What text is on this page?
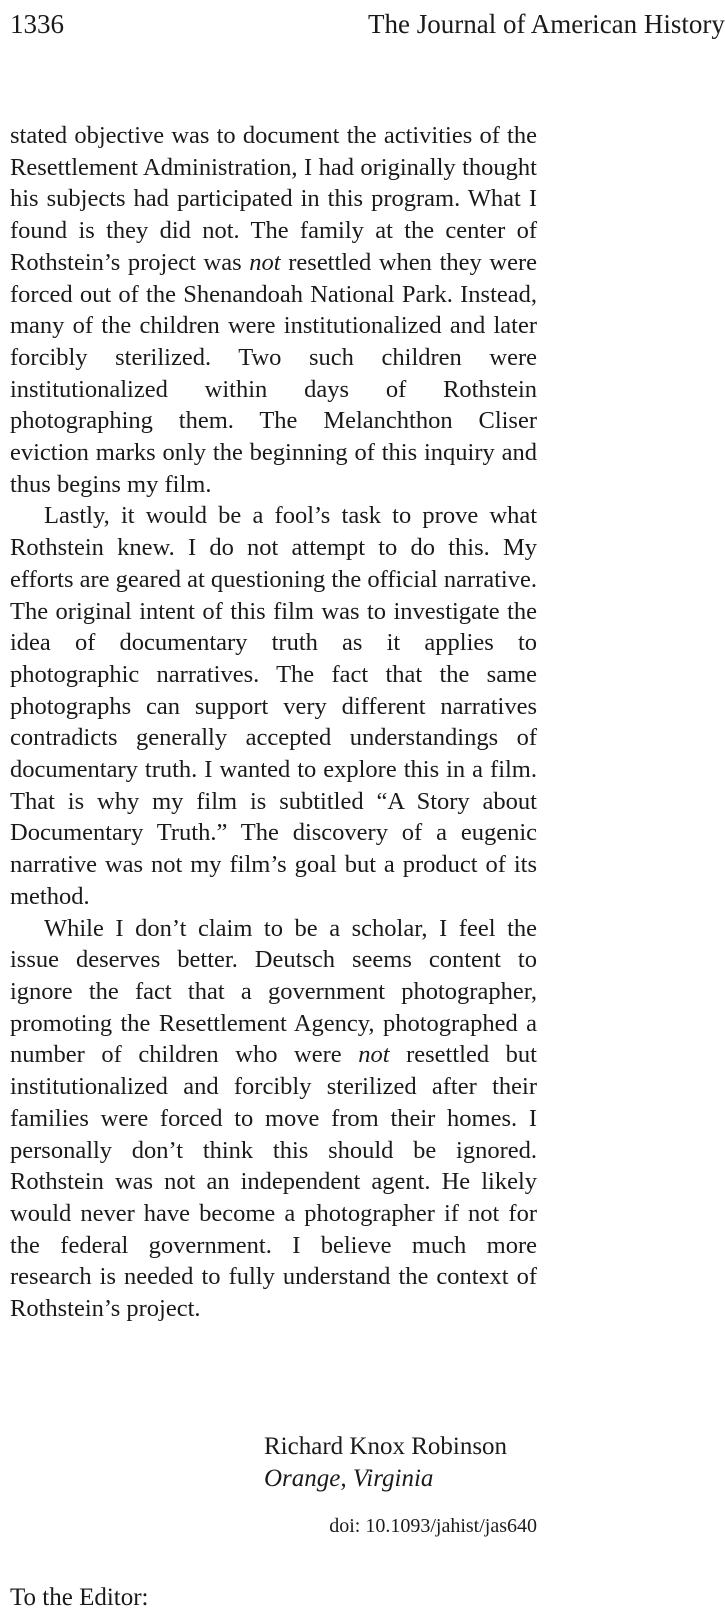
1336	The Journal of American History

stated objective was to document the activities of the Resettlement Administration, I had originally thought his subjects had participated in this program. What I found is they did not. The family at the center of Rothstein’s project was not resettled when they were forced out of the Shenandoah National Park. Instead, many of the children were institutionalized and later forcibly sterilized. Two such children were institutionalized within days of Rothstein photographing them. The Melanchthon Cliser eviction marks only the beginning of this inquiry and thus begins my film.

Lastly, it would be a fool’s task to prove what Rothstein knew. I do not attempt to do this. My efforts are geared at questioning the official narrative. The original intent of this film was to investigate the idea of documentary truth as it applies to photographic narratives. The fact that the same photographs can support very different narratives contradicts generally accepted understandings of documentary truth. I wanted to explore this in a film. That is why my film is subtitled “A Story about Documentary Truth.” The discovery of a eugenic narrative was not my film’s goal but a product of its method.

While I don’t claim to be a scholar, I feel the issue deserves better. Deutsch seems content to ignore the fact that a government photographer, promoting the Resettlement Agency, photographed a number of children who were not resettled but institutionalized and forcibly sterilized after their families were forced to move from their homes. I personally don’t think this should be ignored. Rothstein was not an independent agent. He likely would never have become a photographer if not for the federal government. I believe much more research is needed to fully understand the context of Rothstein’s project.

Richard Knox Robinson
Orange, Virginia
doi: 10.1093/jahist/jas640
To the Editor:
